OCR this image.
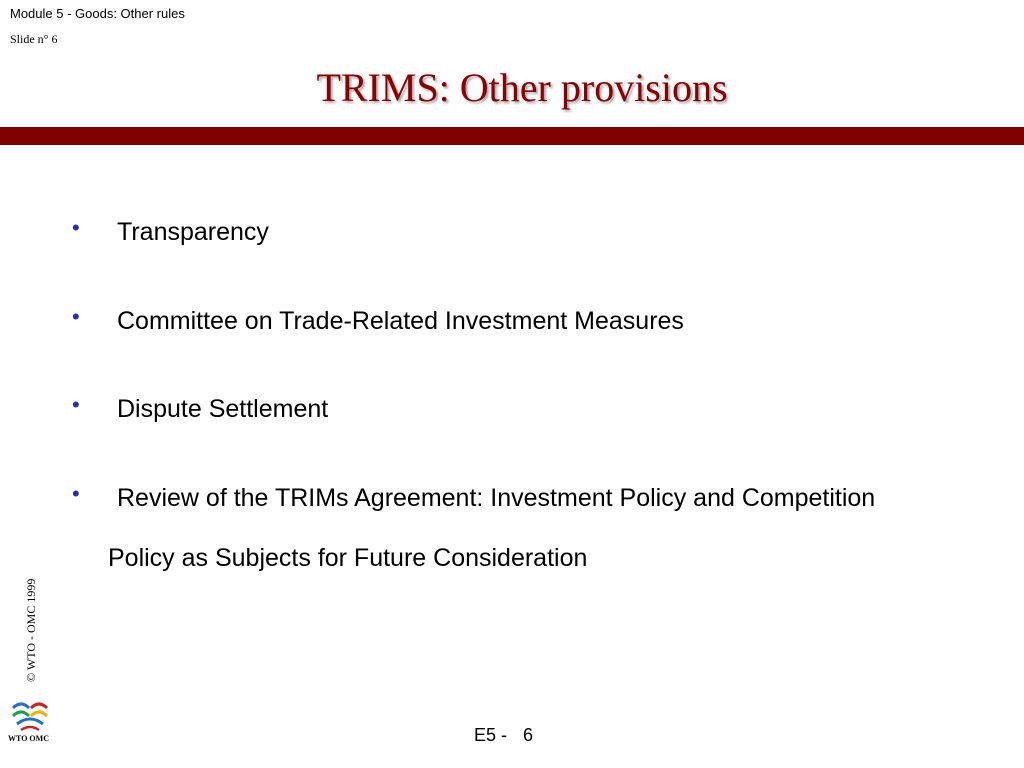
Module 5 - Goods: Other rules
Slide n° 6
TRIMS: Other provisions
• Transparency
• Committee on Trade-Related Investment Measures
• Dispute Settlement
• Review of the TRIMs Agreement: Investment Policy and Competition
Policy as Subjects for Future Consideration
© WTO - OMC 1999
WTO OMC	E5 - 6
